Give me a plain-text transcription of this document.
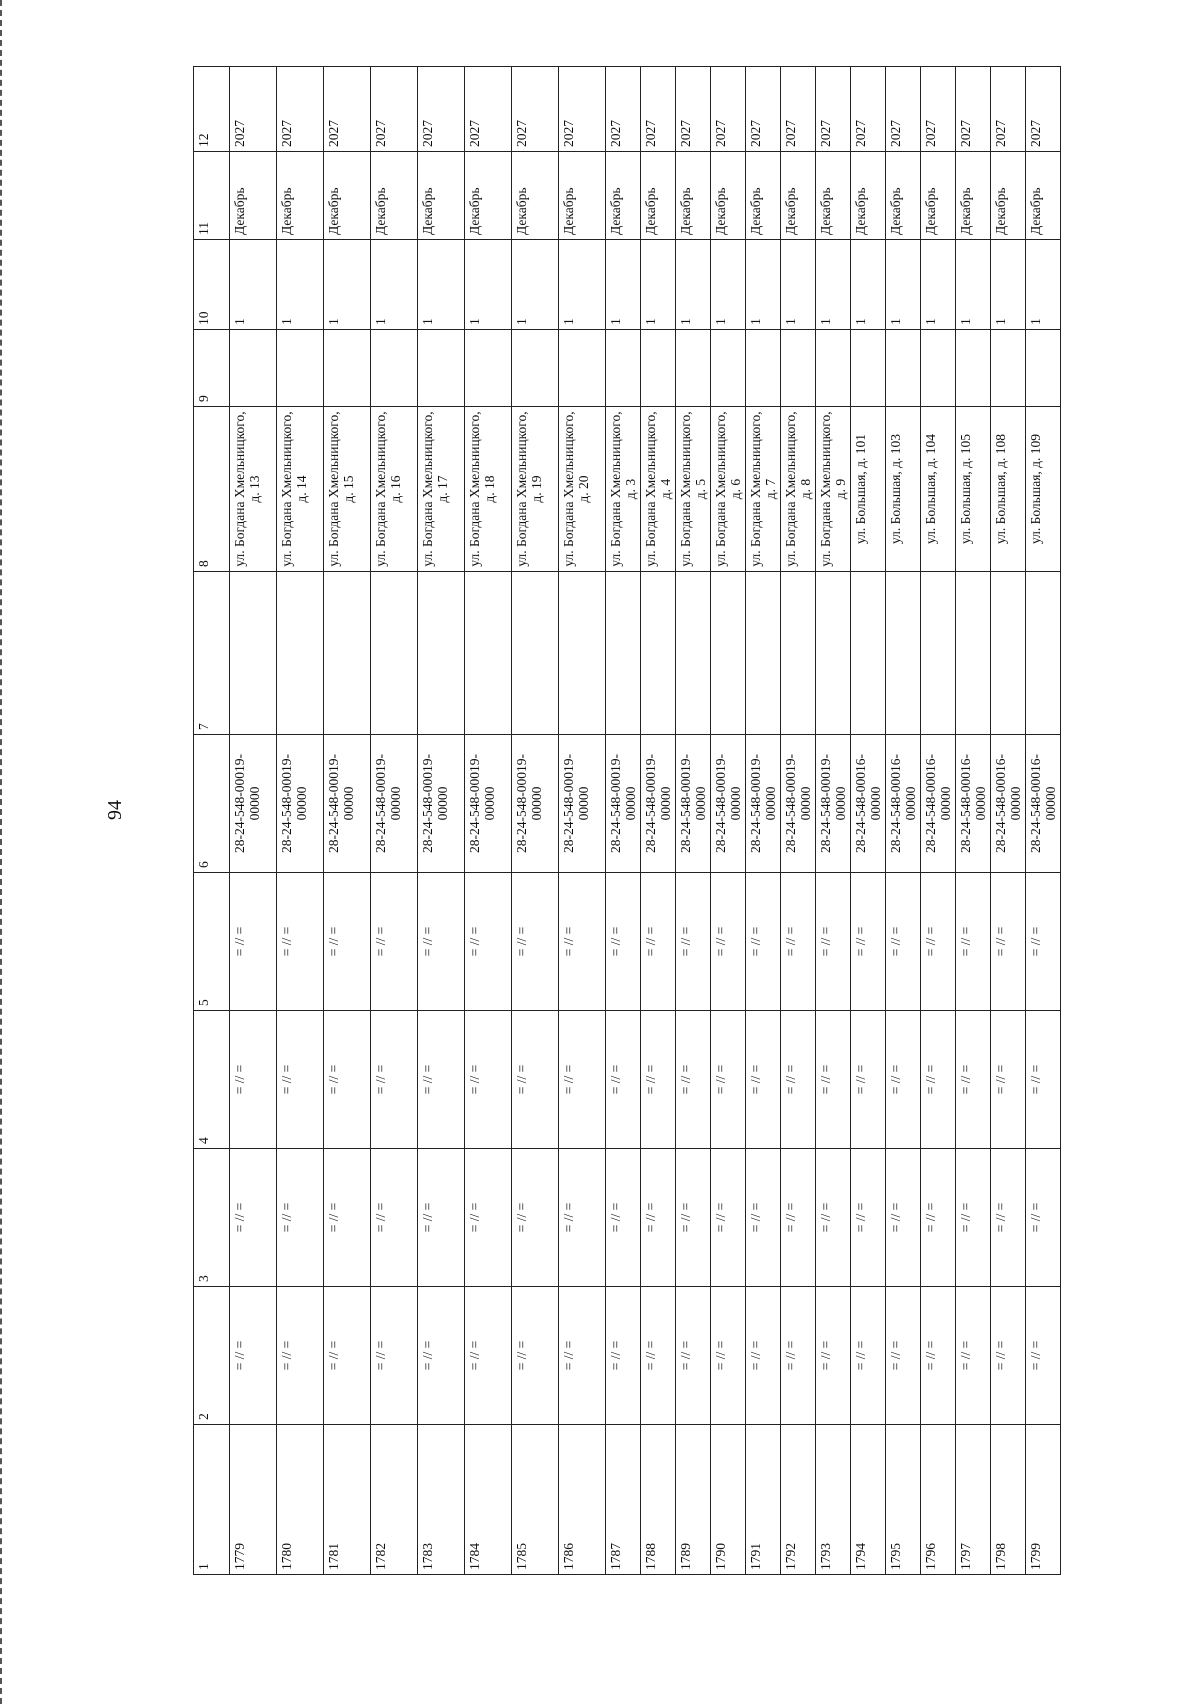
94
1	2	3	4	5	6	7	8	9	10	11	12
1779	= // =	= // =	= // =	= // =	28-24-548-00019-00000		ул. Богдана Хмельницкого, д. 13		1	Декабрь	2027
1780	= // =	= // =	= // =	= // =	28-24-548-00019-00000		ул. Богдана Хмельницкого, д. 14		1	Декабрь	2027
1781	= // =	= // =	= // =	= // =	28-24-548-00019-00000		ул. Богдана Хмельницкого, д. 15		1	Декабрь	2027
1782	= // =	= // =	= // =	= // =	28-24-548-00019-00000		ул. Богдана Хмельницкого, д. 16		1	Декабрь	2027
1783	= // =	= // =	= // =	= // =	28-24-548-00019-00000		ул. Богдана Хмельницкого, д. 17		1	Декабрь	2027
1784	= // =	= // =	= // =	= // =	28-24-548-00019-00000		ул. Богдана Хмельницкого, д. 18		1	Декабрь	2027
1785	= // =	= // =	= // =	= // =	28-24-548-00019-00000		ул. Богдана Хмельницкого, д. 19		1	Декабрь	2027
1786	= // =	= // =	= // =	= // =	28-24-548-00019-00000		ул. Богдана Хмельницкого, д. 20		1	Декабрь	2027
1787	= // =	= // =	= // =	= // =	28-24-548-00019-00000		ул. Богдана Хмельницкого, д. 3		1	Декабрь	2027
1788	= // =	= // =	= // =	= // =	28-24-548-00019-00000		ул. Богдана Хмельницкого, д. 4		1	Декабрь	2027
1789	= // =	= // =	= // =	= // =	28-24-548-00019-00000		ул. Богдана Хмельницкого, д. 5		1	Декабрь	2027
1790	= // =	= // =	= // =	= // =	28-24-548-00019-00000		ул. Богдана Хмельницкого, д. 6		1	Декабрь	2027
1791	= // =	= // =	= // =	= // =	28-24-548-00019-00000		ул. Богдана Хмельницкого, д. 7		1	Декабрь	2027
1792	= // =	= // =	= // =	= // =	28-24-548-00019-00000		ул. Богдана Хмельницкого, д. 8		1	Декабрь	2027
1793	= // =	= // =	= // =	= // =	28-24-548-00019-00000		ул. Богдана Хмельницкого, д. 9		1	Декабрь	2027
1794	= // =	= // =	= // =	= // =	28-24-548-00016-00000		ул. Большая, д. 101		1	Декабрь	2027
1795	= // =	= // =	= // =	= // =	28-24-548-00016-00000		ул. Большая, д. 103		1	Декабрь	2027
1796	= // =	= // =	= // =	= // =	28-24-548-00016-00000		ул. Большая, д. 104		1	Декабрь	2027
1797	= // =	= // =	= // =	= // =	28-24-548-00016-00000		ул. Большая, д. 105		1	Декабрь	2027
1798	= // =	= // =	= // =	= // =	28-24-548-00016-00000		ул. Большая, д. 108		1	Декабрь	2027
1799	= // =	= // =	= // =	= // =	28-24-548-00016-00000		ул. Большая, д. 109		1	Декабрь	2027
